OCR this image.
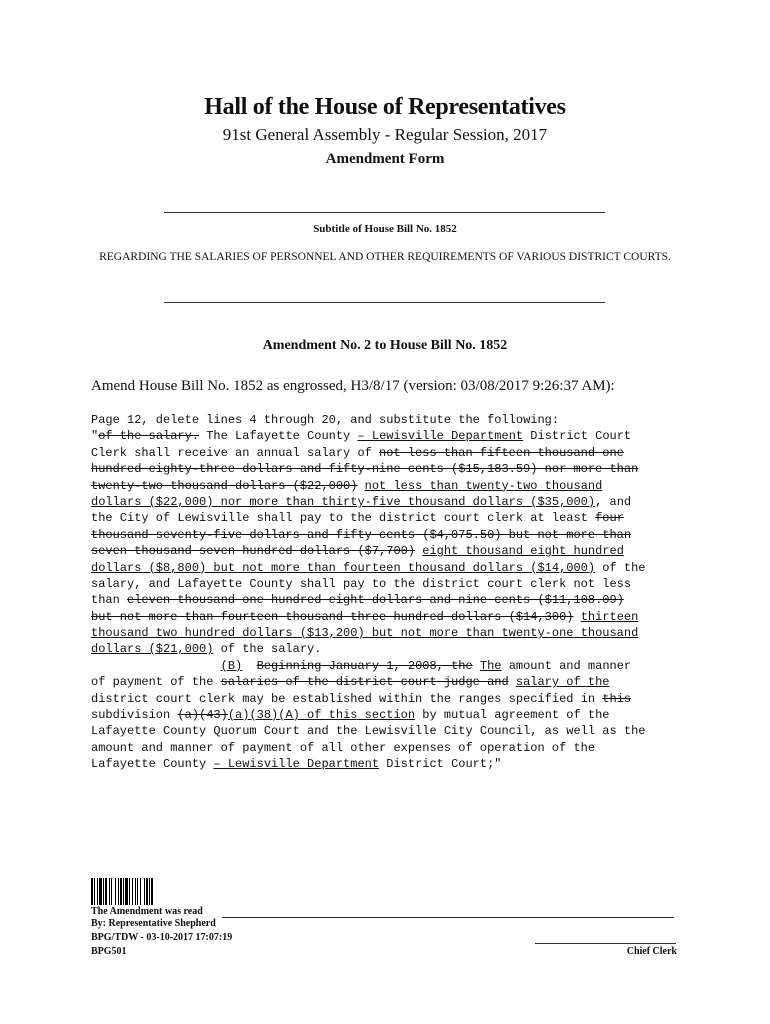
Hall of the House of Representatives
91st General Assembly - Regular Session, 2017
Amendment Form
Subtitle of House Bill No. 1852
REGARDING THE SALARIES OF PERSONNEL AND OTHER REQUIREMENTS OF VARIOUS DISTRICT COURTS.
Amendment No. 2 to House Bill No. 1852
Amend House Bill No. 1852 as engrossed, H3/8/17 (version: 03/08/2017 9:26:37 AM):
Page 12, delete lines 4 through 20, and substitute the following:
"of the salary. The Lafayette County – Lewisville Department District Court
Clerk shall receive an annual salary of not less than fifteen thousand one
hundred eighty-three dollars and fifty-nine cents ($15,183.59) nor more than
twenty-two thousand dollars ($22,000) not less than twenty-two thousand
dollars ($22,000) nor more than thirty-five thousand dollars ($35,000), and
the City of Lewisville shall pay to the district court clerk at least four
thousand seventy-five dollars and fifty cents ($4,075.50) but not more than
seven thousand seven hundred dollars ($7,700) eight thousand eight hundred
dollars ($8,800) but not more than fourteen thousand dollars ($14,000) of the
salary, and Lafayette County shall pay to the district court clerk not less
than eleven thousand one hundred eight dollars and nine cents ($11,108.09)
but not more than fourteen thousand three hundred dollars ($14,300) thirteen
thousand two hundred dollars ($13,200) but not more than twenty-one thousand
dollars ($21,000) of the salary.
(B) Beginning January 1, 2008, the The amount and manner
of payment of the salaries of the district court judge and salary of the
district court clerk may be established within the ranges specified in this
subdivision (a)(43)(a)(38)(A) of this section by mutual agreement of the
Lafayette County Quorum Court and the Lewisville City Council, as well as the
amount and manner of payment of all other expenses of operation of the
Lafayette County – Lewisville Department District Court;"
The Amendment was read
By: Representative Shepherd
BPG/TDW - 03-10-2017 17:07:19
BPG501	Chief Clerk
